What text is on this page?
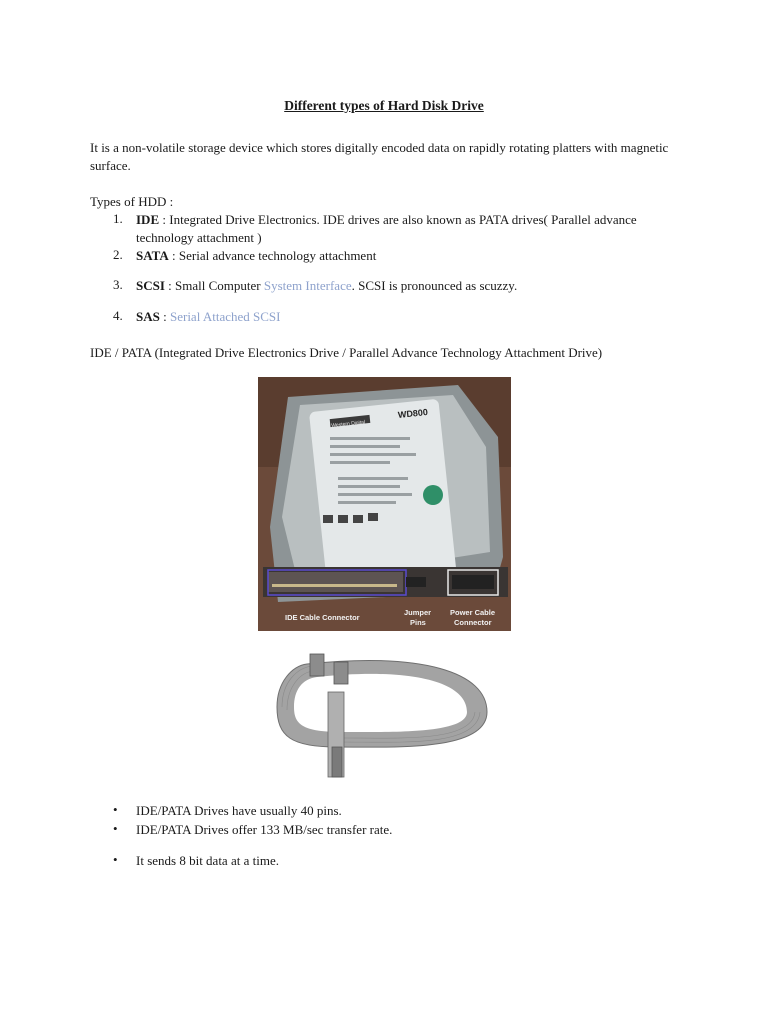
Different types of Hard Disk Drive
It is a non-volatile storage device which stores digitally encoded data on rapidly rotating platters with magnetic surface.
Types of HDD :
1. IDE : Integrated Drive Electronics. IDE drives are also known as PATA drives( Parallel advance technology attachment )
2. SATA : Serial advance technology attachment
3. SCSI : Small Computer System Interface. SCSI is pronounced as scuzzy.
4. SAS : Serial Attached SCSI
IDE / PATA (Integrated Drive Electronics Drive / Parallel Advance Technology Attachment Drive)
WD800
Western Digital
IDE Cable Connector
Jumper
Pins
Power Cable
Connector
• IDE/PATA Drives have usually 40 pins.
• IDE/PATA Drives offer 133 MB/sec transfer rate.
• It sends 8 bit data at a time.
